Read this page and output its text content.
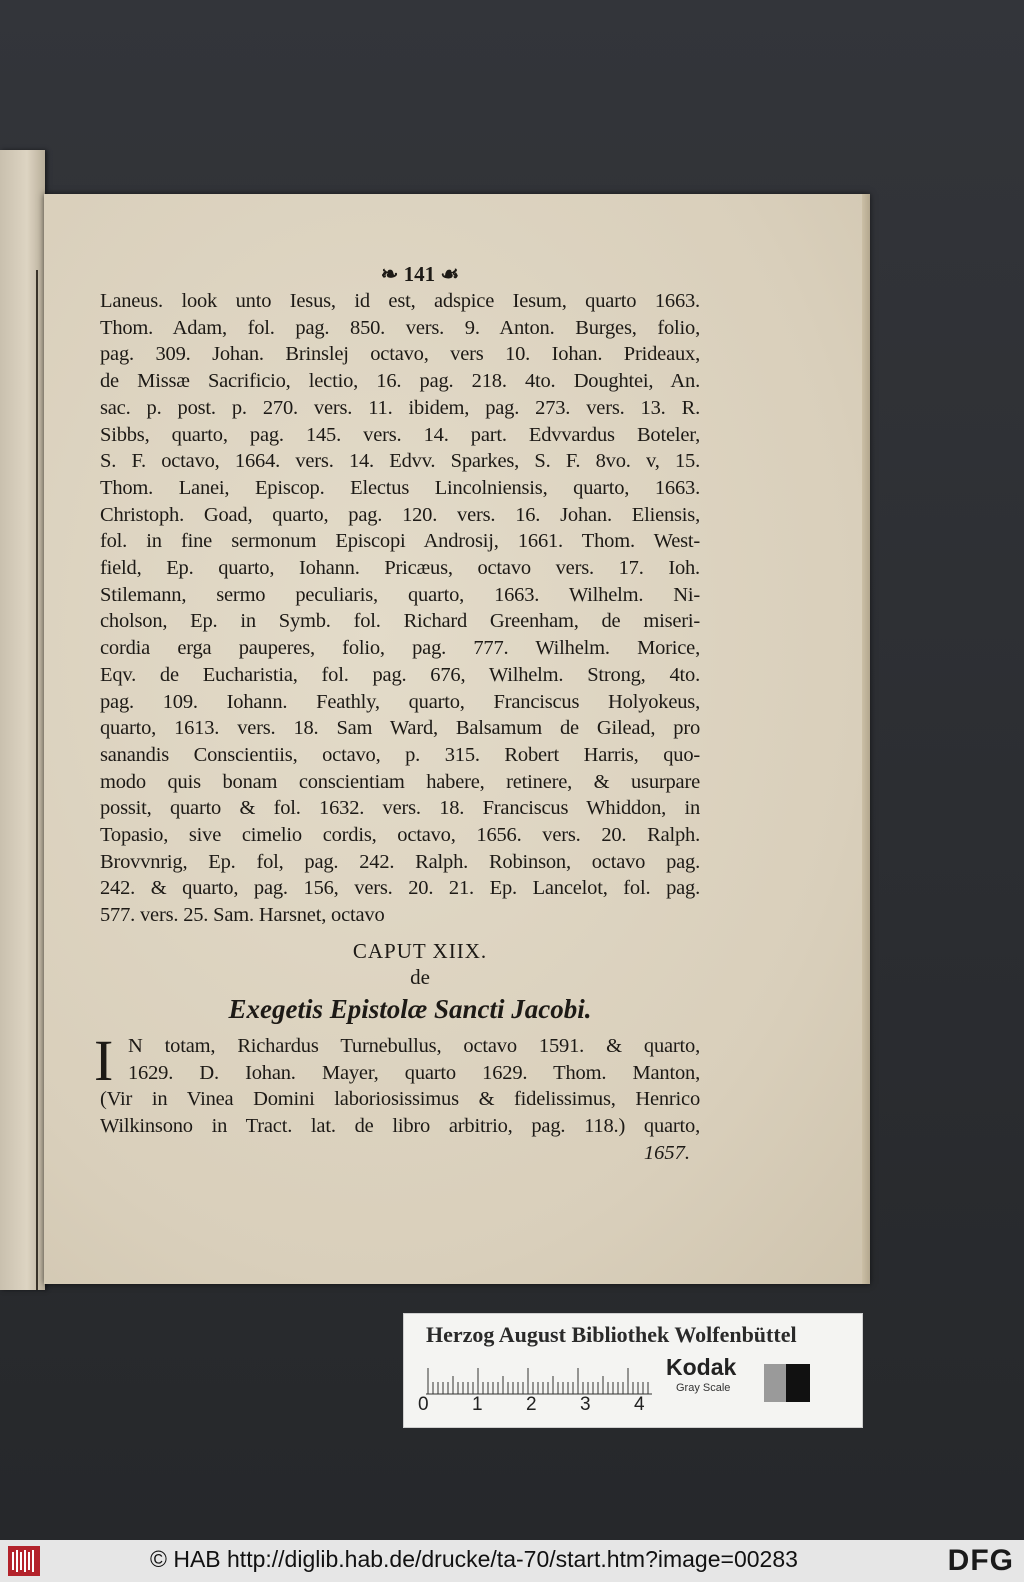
❧ 141 ☙
Laneus. look unto Iesus, id est, adspice Iesum, quarto 1663.
Thom. Adam, fol. pag. 850. vers. 9. Anton. Burges, folio,
pag. 309. Johan. Brinslej octavo, vers 10. Iohan. Prideaux,
de Missæ Sacrificio, lectio, 16. pag. 218. 4to. Doughtei, An.
sac. p. post. p. 270. vers. 11. ibidem, pag. 273. vers. 13. R.
Sibbs, quarto, pag. 145. vers. 14. part. Edvvardus Boteler,
S. F. octavo, 1664. vers. 14. Edvv. Sparkes, S. F. 8vo. v, 15.
Thom. Lanei, Episcop. Electus Lincolniensis, quarto, 1663.
Christoph. Goad, quarto, pag. 120. vers. 16. Johan. Eliensis,
fol. in fine sermonum Episcopi Androsij, 1661. Thom. West-
field, Ep. quarto, Iohann. Pricæus, octavo vers. 17. Ioh.
Stilemann, sermo peculiaris, quarto, 1663. Wilhelm. Ni-
cholson, Ep. in Symb. fol. Richard Greenham, de miseri-
cordia erga pauperes, folio, pag. 777. Wilhelm. Morice,
Eqv. de Eucharistia, fol. pag. 676, Wilhelm. Strong, 4to.
pag. 109. Iohann. Feathly, quarto, Franciscus Holyokeus,
quarto, 1613. vers. 18. Sam Ward, Balsamum de Gilead, pro
sanandis Conscientiis, octavo, p. 315. Robert Harris, quo-
modo quis bonam conscientiam habere, retinere, & usurpare
possit, quarto & fol. 1632. vers. 18. Franciscus Whiddon, in
Topasio, sive cimelio cordis, octavo, 1656. vers. 20. Ralph.
Brovvnrig, Ep. fol, pag. 242. Ralph. Robinson, octavo pag.
242. & quarto, pag. 156, vers. 20. 21. Ep. Lancelot, fol. pag.
577. vers. 25. Sam. Harsnet, octavo
CAPUT XIIX.
de
Exegetis Epistolæ Sancti Jacobi.
I N totam, Richardus Turnebullus, octavo 1591. & quarto,
1629. D. Iohan. Mayer, quarto 1629. Thom. Manton,
(Vir in Vinea Domini laboriosissimus & fidelissimus, Henrico
Wilkinsono in Tract. lat. de libro arbitrio, pag. 118.) quarto,
1657.
Herzog August Bibliothek Wolfenbüttel
0 1 2 3 4
Kodak
Gray Scale
© HAB http://diglib.hab.de/drucke/ta-70/start.htm?image=00283	DFG
